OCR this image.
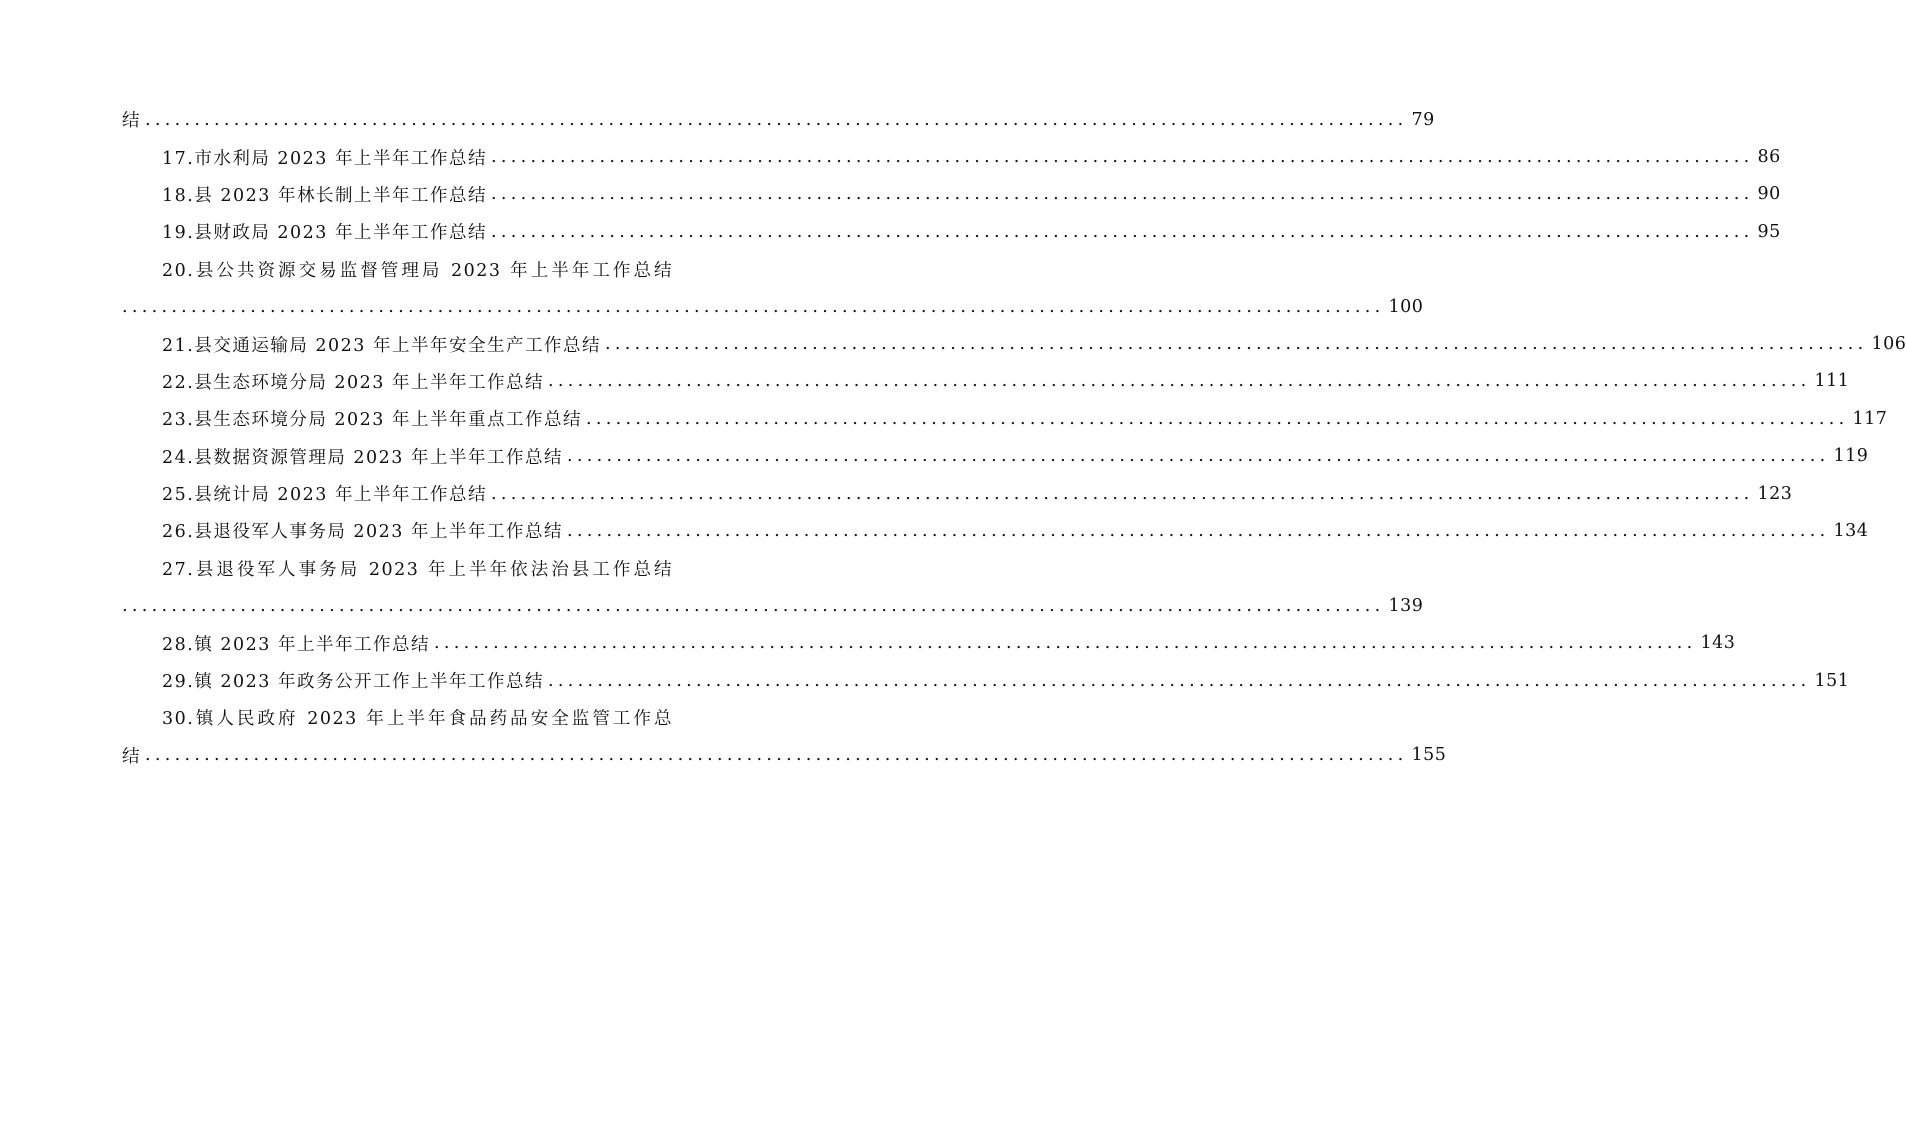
结 ................................................................................................................................ 79
17.市水利局 2023 年上半年工作总结 ................................................................................................................................ 86
18.县 2023 年林长制上半年工作总结 ................................................................................................................................ 90
19.县财政局 2023 年上半年工作总结 ................................................................................................................................ 95
20.县公共资源交易监督管理局 2023 年上半年工作总结
................................................................................................................................ 100
21.县交通运输局 2023 年上半年安全生产工作总结 ................................................................................................................................ 106
22.县生态环境分局 2023 年上半年工作总结 ................................................................................................................................ 111
23.县生态环境分局 2023 年上半年重点工作总结 ................................................................................................................................ 117
24.县数据资源管理局 2023 年上半年工作总结 ................................................................................................................................ 119
25.县统计局 2023 年上半年工作总结 ................................................................................................................................ 123
26.县退役军人事务局 2023 年上半年工作总结 ................................................................................................................................ 134
27.县退役军人事务局 2023 年上半年依法治县工作总结
................................................................................................................................ 139
28.镇 2023 年上半年工作总结 ................................................................................................................................ 143
29.镇 2023 年政务公开工作上半年工作总结 ................................................................................................................................ 151
30.镇人民政府 2023 年上半年食品药品安全监管工作总
结 ................................................................................................................................ 155
